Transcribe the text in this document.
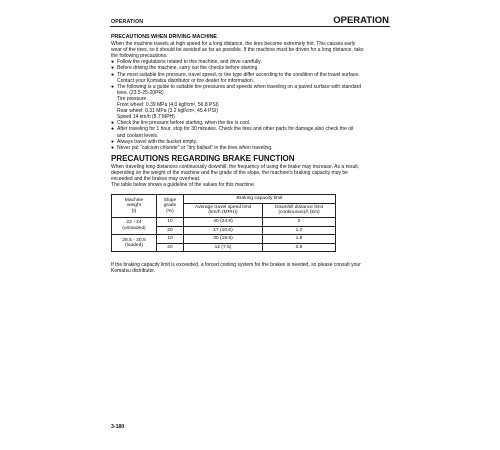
OPERATION	OPERATION
PRECAUTIONS WHEN DRIVING MACHINE

When the machine travels at high speed for a long distance, the tires become extremely hot. This causes early
wear of the tires, so it should be avoided as far as possible. If the machine must be driven for a long distance, take
the following precautions.

● Follow the regulations related to this machine, and drive carefully.
● Before driving the machine, carry out the checks before starting.
● The most suitable tire pressure, travel speed, or tire type differ according to the condition of the travel surface.
Contact your Komatsu distributor or tire dealer for information.
● The following is a guide to suitable tire pressures and speeds when traveling on a paved surface with standard
tires. (23.5-25-20PR)
Tire pressure
Front wheel: 0.39 MPa (4.0 kgf/cm², 56.8 PSI)
Rear wheel: 0.31 MPa (3.2 kgf/cm², 45.4 PSI)
Speed 14 km/h (8.7 MPH)
● Check the tire pressure before starting, when the tire is cool.
● After traveling for 1 hour, stop for 30 minutes. Check the tires and other parts for damage,also check the oil
and coolant levels.
● Always travel with the bucket empty.
● Never put "calcium chloride" or "dry ballast" in the tires when traveling.
PRECAUTIONS REGARDING BRAKE FUNCTION

When traveling long distances continuously downhill, the frequency of using the brake may increase. As a result,
depending on the weight of the machine and the grade of the slope, the machine's braking capacity may be
exceeded and the brakes may overheat.
The table below shows a guideline of the values for this machine.

Machine
weight
(t)	Slope
grade
(%)	Braking capacity limit	
		Average travel speed limit
(km/h (MPH))	Downhill distance limit
(continuous)Å (km)
22 - 24
(unloaded)	10	40 (24.9)	2
	20	17 (10.6)	1.2
28.5 - 30.5
(loaded)	10	30 (18.6)	1.8
	20	12 (7.5)	0.6

If the braking capacity limit is exceeded, a forced cooling system for the brakes is needed, so please consult your
Komatsu distributor.

3-180
